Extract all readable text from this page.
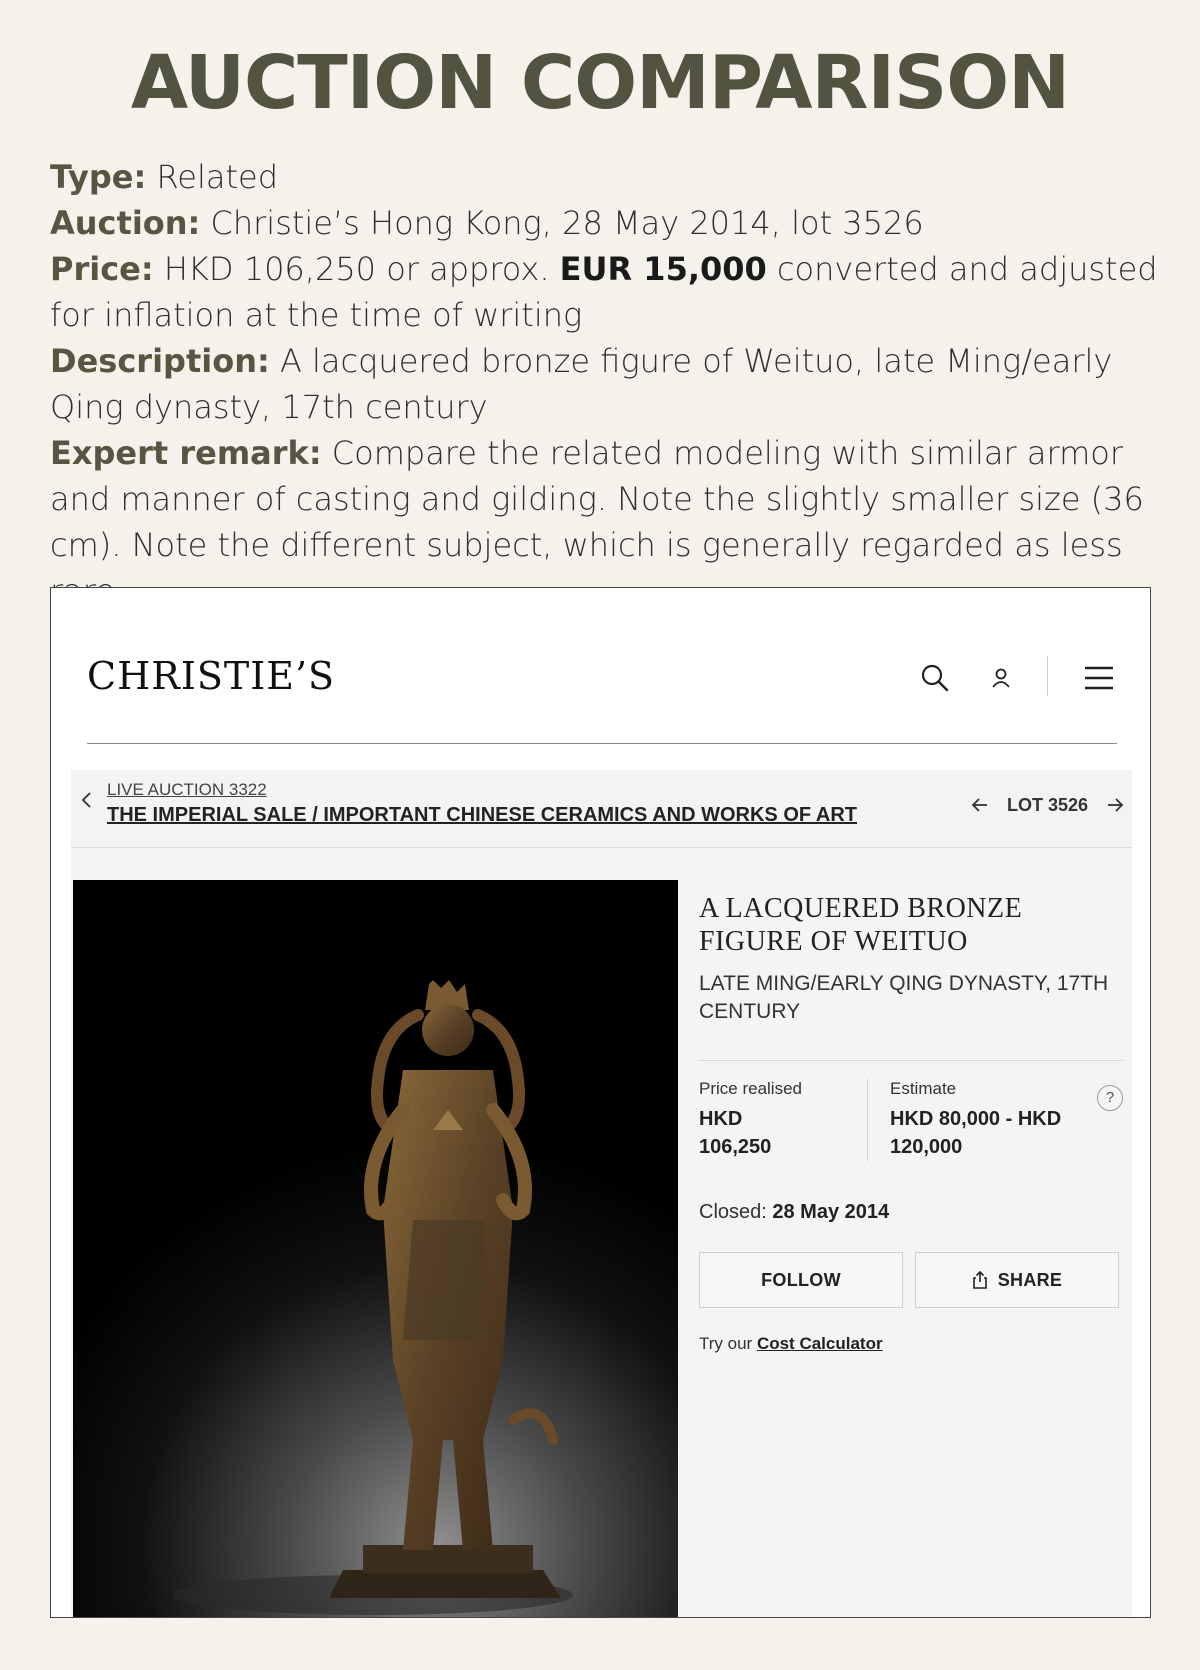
AUCTION COMPARISON
Type: Related
Auction: Christie’s Hong Kong, 28 May 2014, lot 3526
Price: HKD 106,250 or approx. EUR 15,000 converted and adjusted for inflation at the time of writing
Description: A lacquered bronze figure of Weituo, late Ming/early Qing dynasty, 17th century
Expert remark: Compare the related modeling with similar armor and manner of casting and gilding. Note the slightly smaller size (36 cm). Note the different subject, which is generally regarded as less
CHRISTIE’S
LIVE AUCTION 3322
THE IMPERIAL SALE / IMPORTANT CHINESE CERAMICS AND WORKS OF ART	LOT 3526
A LACQUERED BRONZE FIGURE OF WEITUO
LATE MING/EARLY QING DYNASTY, 17TH CENTURY
Price realised
HKD
106,250
Estimate
HKD 80,000 - HKD
120,000
?
Closed: 28 May 2014
FOLLOW	SHARE
Try our Cost Calculator
